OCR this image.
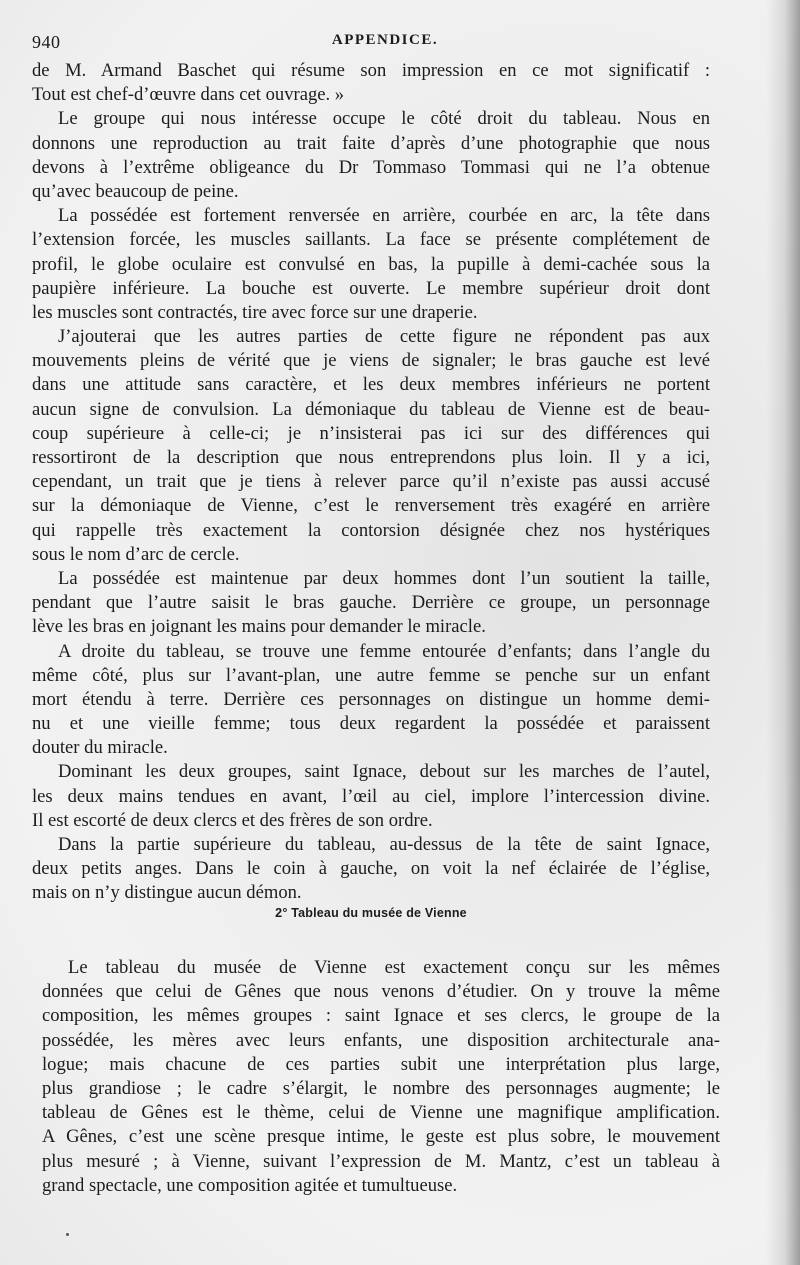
940	APPENDICE.
de M. Armand Baschet qui résume son impression en ce mot significatif :
Tout est chef-d’œuvre dans cet ouvrage. »
Le groupe qui nous intéresse occupe le côté droit du tableau. Nous en
donnons une reproduction au trait faite d’après d’une photographie que nous
devons à l’extrême obligeance du Dr Tommaso Tommasi qui ne l’a obtenue
qu’avec beaucoup de peine.
La possédée est fortement renversée en arrière, courbée en arc, la tête dans
l’extension forcée, les muscles saillants. La face se présente complétement de
profil, le globe oculaire est convulsé en bas, la pupille à demi-cachée sous la
paupière inférieure. La bouche est ouverte. Le membre supérieur droit dont
les muscles sont contractés, tire avec force sur une draperie.
J’ajouterai que les autres parties de cette figure ne répondent pas aux
mouvements pleins de vérité que je viens de signaler; le bras gauche est levé
dans une attitude sans caractère, et les deux membres inférieurs ne portent
aucun signe de convulsion. La démoniaque du tableau de Vienne est de beau-
coup supérieure à celle-ci; je n’insisterai pas ici sur des différences qui
ressortiront de la description que nous entreprendons plus loin. Il y a ici,
cependant, un trait que je tiens à relever parce qu’il n’existe pas aussi accusé
sur la démoniaque de Vienne, c’est le renversement très exagéré en arrière
qui rappelle très exactement la contorsion désignée chez nos hystériques
sous le nom d’arc de cercle.
La possédée est maintenue par deux hommes dont l’un soutient la taille,
pendant que l’autre saisit le bras gauche. Derrière ce groupe, un personnage
lève les bras en joignant les mains pour demander le miracle.
A droite du tableau, se trouve une femme entourée d’enfants; dans l’angle du
même côté, plus sur l’avant-plan, une autre femme se penche sur un enfant
mort étendu à terre. Derrière ces personnages on distingue un homme demi-
nu et une vieille femme; tous deux regardent la possédée et paraissent
douter du miracle.
Dominant les deux groupes, saint Ignace, debout sur les marches de l’autel,
les deux mains tendues en avant, l’œil au ciel, implore l’intercession divine.
Il est escorté de deux clercs et des frères de son ordre.
Dans la partie supérieure du tableau, au-dessus de la tête de saint Ignace,
deux petits anges. Dans le coin à gauche, on voit la nef éclairée de l’église,
mais on n’y distingue aucun démon.
2° Tableau du musée de Vienne
Le tableau du musée de Vienne est exactement conçu sur les mêmes
données que celui de Gênes que nous venons d’étudier. On y trouve la même
composition, les mêmes groupes : saint Ignace et ses clercs, le groupe de la
possédée, les mères avec leurs enfants, une disposition architecturale ana-
logue; mais chacune de ces parties subit une interprétation plus large,
plus grandiose ; le cadre s’élargit, le nombre des personnages augmente; le
tableau de Gênes est le thème, celui de Vienne une magnifique amplification.
A Gênes, c’est une scène presque intime, le geste est plus sobre, le mouvement
plus mesuré ; à Vienne, suivant l’expression de M. Mantz, c’est un tableau à
grand spectacle, une composition agitée et tumultueuse.
